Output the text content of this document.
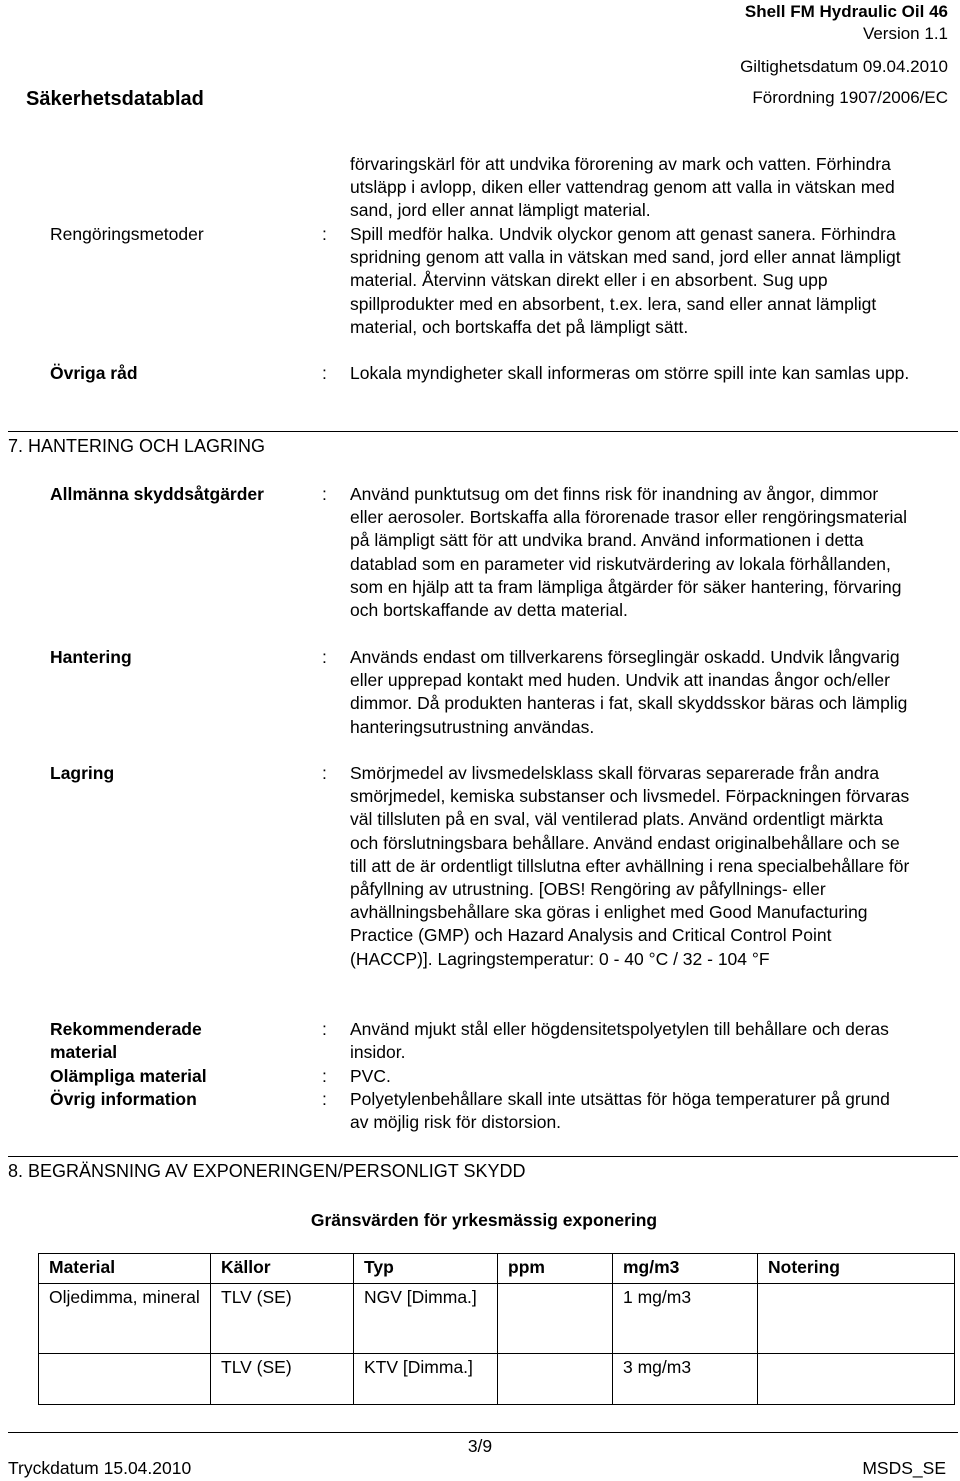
Shell FM Hydraulic Oil 46
Version 1.1
Giltighetsdatum 09.04.2010
Säkerhetsdatablad	Förordning 1907/2006/EC
förvaringskärl för att undvika förorening av mark och vatten. Förhindra utsläpp i avlopp, diken eller vattendrag genom att valla in vätskan med sand, jord eller annat lämpligt material.
Rengöringsmetoder	: Spill medför halka. Undvik olyckor genom att genast sanera. Förhindra spridning genom att valla in vätskan med sand, jord eller annat lämpligt material. Återvinn vätskan direkt eller i en absorbent. Sug upp spillprodukter med en absorbent, t.ex. lera, sand eller annat lämpligt material, och bortskaffa det på lämpligt sätt.
Övriga råd	: Lokala myndigheter skall informeras om större spill inte kan samlas upp.
7. HANTERING OCH LAGRING
Allmänna skyddsåtgärder	: Använd punktutsug om det finns risk för inandning av ångor, dimmor eller aerosoler. Bortskaffa alla förorenade trasor eller rengöringsmaterial på lämpligt sätt för att undvika brand. Använd informationen i detta datablad som en parameter vid riskutvärdering av lokala förhållanden, som en hjälp att ta fram lämpliga åtgärder för säker hantering, förvaring och bortskaffande av detta material.
Hantering	: Används endast om tillverkarens förseglingär oskadd. Undvik långvarig eller upprepad kontakt med huden. Undvik att inandas ångor och/eller dimmor. Då produkten hanteras i fat, skall skyddsskor bäras och lämplig hanteringsutrustning användas.
Lagring	: Smörjmedel av livsmedelsklass skall förvaras separerade från andra smörjmedel, kemiska substanser och livsmedel. Förpackningen förvaras väl tillsluten på en sval, väl ventilerad plats. Använd ordentligt märkta och förslutningsbara behållare. Använd endast originalbehållare och se till att de är ordentligt tillslutna efter avhällning i rena specialbehållare för påfyllning av utrustning. [OBS! Rengöring av påfyllnings- eller avhällningsbehållare ska göras i enlighet med Good Manufacturing Practice (GMP) och Hazard Analysis and Critical Control Point (HACCP)]. Lagringstemperatur: 0 - 40 °C / 32 - 104 °F
Rekommenderade material
: Använd mjukt stål eller högdensitetspolyetylen till behållare och deras insidor.
Olämpliga material	: PVC.
Övrig information	: Polyetylenbehållare skall inte utsättas för höga temperaturer på grund av möjlig risk för distorsion.
8. BEGRÄNSNING AV EXPONERINGEN/PERSONLIGT SKYDD
Gränsvärden för yrkesmässig exponering
Material	Källor	Typ	ppm	mg/m3	Notering
Oljedimma, mineral	TLV (SE)	NGV [Dimma.]		1 mg/m3	
	TLV (SE)	KTV [Dimma.]		3 mg/m3	
Tryckdatum 15.04.2010
3/9
MSDS_SE
